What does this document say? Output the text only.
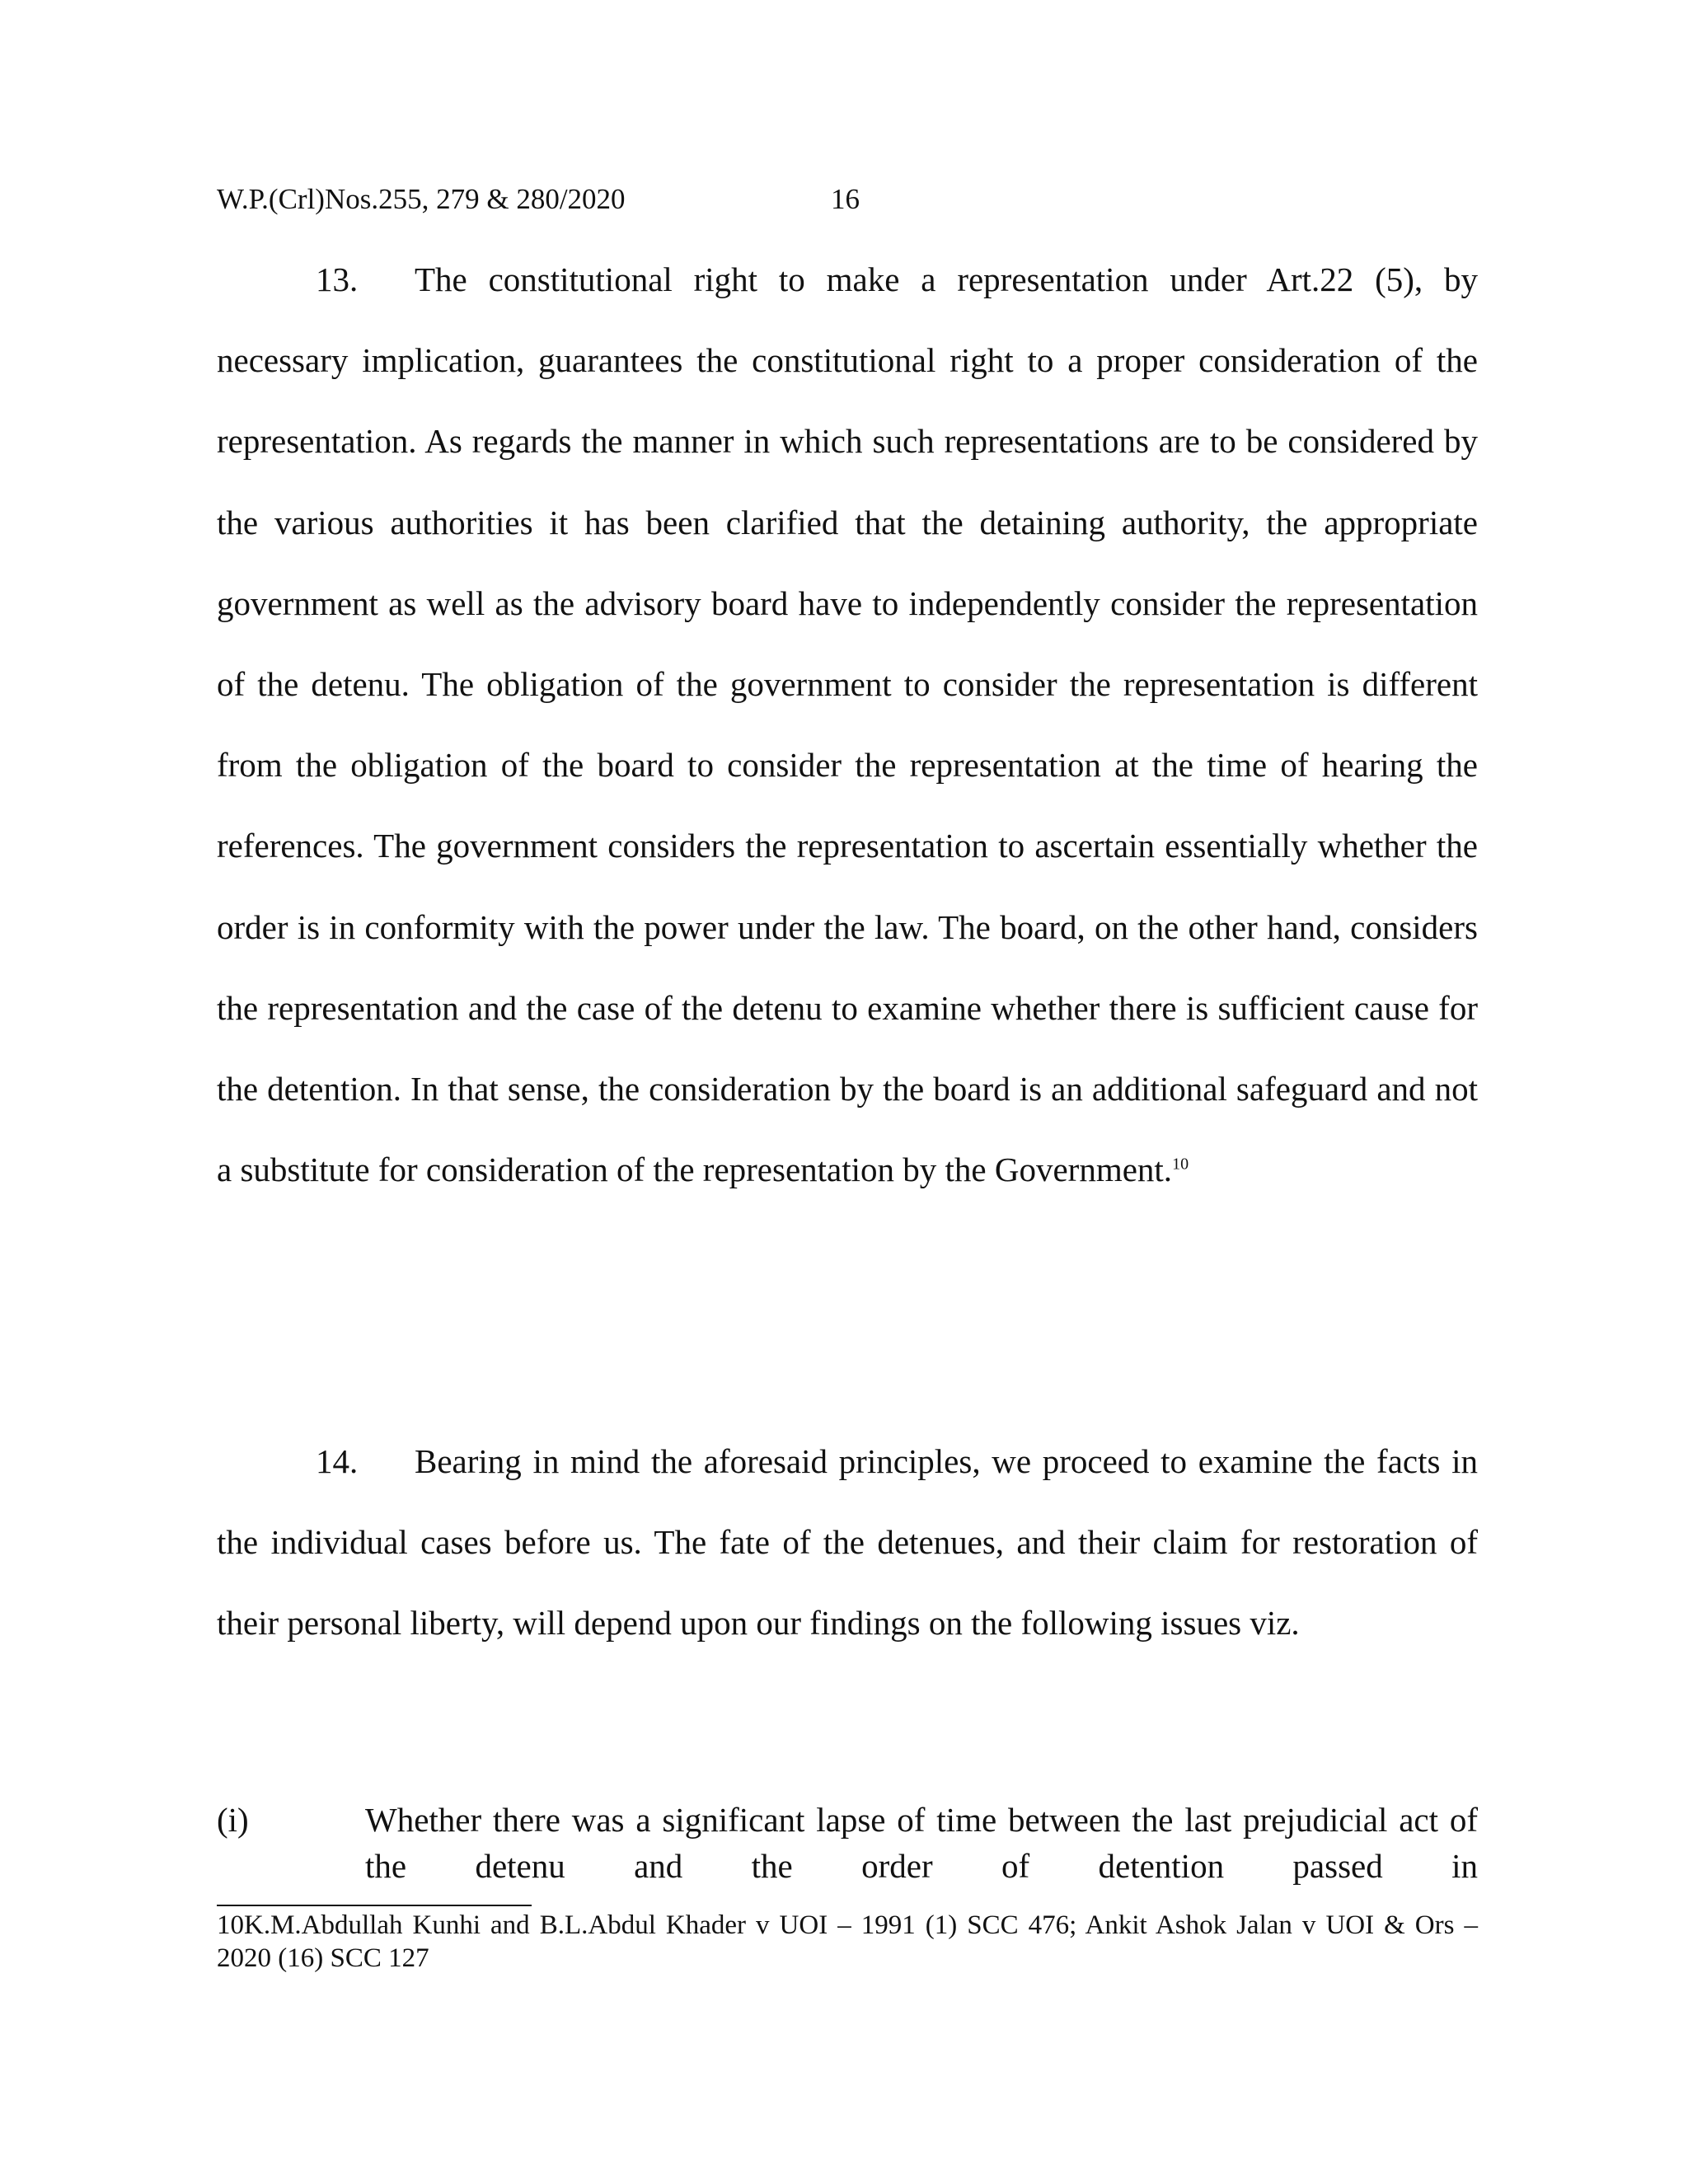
W.P.(Crl)Nos.255, 279 & 280/2020	16

13. The constitutional right to make a representation under Art.22 (5), by necessary implication, guarantees the constitutional right to a proper consideration of the representation. As regards the manner in which such representations are to be considered by the various authorities it has been clarified that the detaining authority, the appropriate government as well as the advisory board have to independently consider the representation of the detenu. The obligation of the government to consider the representation is different from the obligation of the board to consider the representation at the time of hearing the references. The government considers the representation to ascertain essentially whether the order is in conformity with the power under the law. The board, on the other hand, considers the representation and the case of the detenu to examine whether there is sufficient cause for the detention. In that sense, the consideration by the board is an additional safeguard and not a substitute for consideration of the representation by the Government.$^{10}$

14. Bearing in mind the aforesaid principles, we proceed to examine the facts in the individual cases before us. The fate of the detenues, and their claim for restoration of their personal liberty, will depend upon our findings on the following issues viz.

(i)	Whether there was a significant lapse of time between the last prejudicial act of the detenu and the order of detention passed in
10K.M.Abdullah Kunhi and B.L.Abdul Khader v UOI – 1991 (1) SCC 476; Ankit Ashok Jalan v UOI & Ors – 2020 (16) SCC 127
